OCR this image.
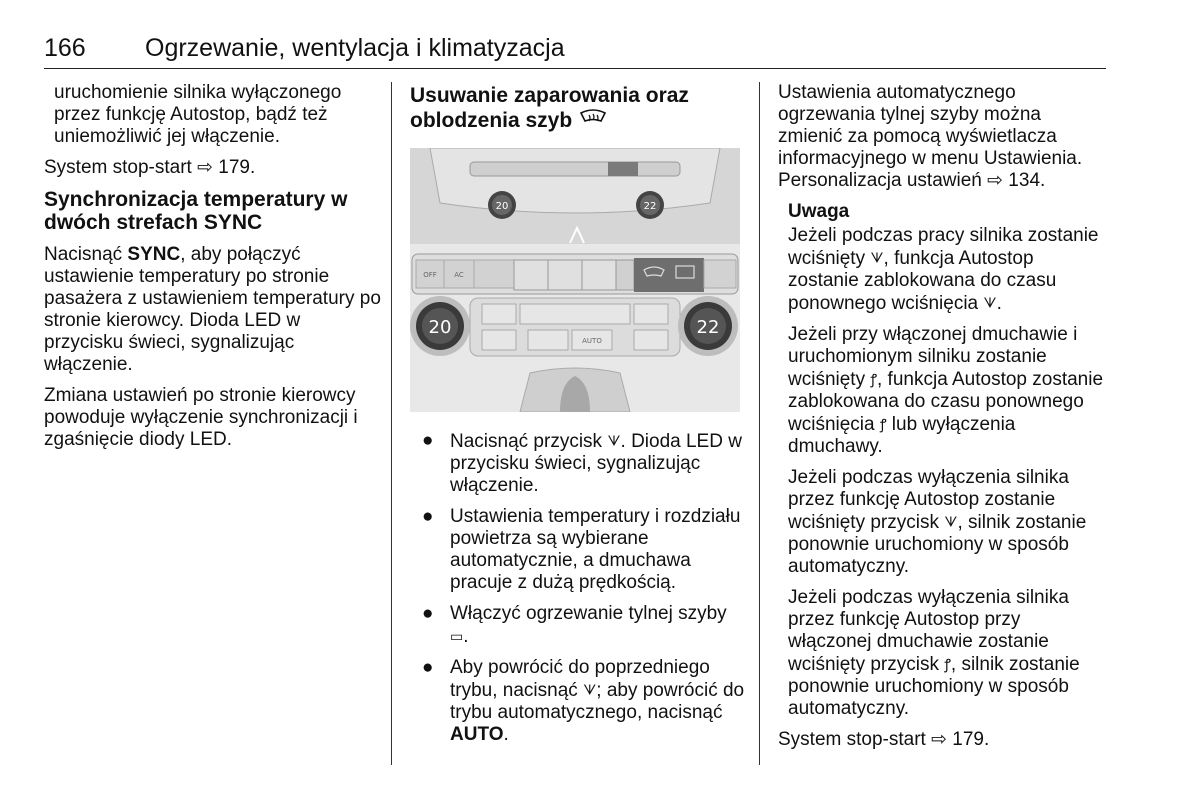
166 Ogrzewanie, wentylacja i klimatyzacja

uruchomienie silnika wyłączonego przez funkcję Autostop, bądź też uniemożliwić jej włączenie.

System stop-start ⇨ 179.

Synchronizacja temperatury w dwóch strefach SYNC

Nacisnąć SYNC, aby połączyć ustawienie temperatury po stronie pasażera z ustawieniem temperatury po stronie kierowcy. Dioda LED w przycisku świeci, sygnalizując włączenie.

Zmiana ustawień po stronie kierowcy powoduje wyłączenie synchronizacji i zgaśnięcie diody LED.

Usuwanie zaparowania oraz oblodzenia szyb
20	22
OFF AC
AUTO
20	22
● Nacisnąć przycisk ᗐ. Dioda LED w przycisku świeci, sygnalizując włączenie.
● Ustawienia temperatury i rozdziału powietrza są wybierane automatycznie, a dmuchawa pracuje z dużą prędkością.
● Włączyć ogrzewanie tylnej szyby ▭.
● Aby powrócić do poprzedniego trybu, nacisnąć ᗐ; aby powrócić do trybu automatycznego, nacisnąć AUTO.

Ustawienia automatycznego ogrzewania tylnej szyby można zmienić za pomocą wyświetlacza informacyjnego w menu Ustawienia. Personalizacja ustawień ⇨ 134.

Uwaga

Jeżeli podczas pracy silnika zostanie wciśnięty ᗐ, funkcja Autostop zostanie zablokowana do czasu ponownego wciśnięcia ᗐ.

Jeżeli przy włączonej dmuchawie i uruchomionym silniku zostanie wciśnięty ꝭ, funkcja Autostop zostanie zablokowana do czasu ponownego wciśnięcia ꝭ lub wyłączenia dmuchawy.

Jeżeli podczas wyłączenia silnika przez funkcję Autostop zostanie wciśnięty przycisk ᗐ, silnik zostanie ponownie uruchomiony w sposób automatyczny.

Jeżeli podczas wyłączenia silnika przez funkcję Autostop przy włączonej dmuchawie zostanie wciśnięty przycisk ꝭ, silnik zostanie ponownie uruchomiony w sposób automatyczny.

System stop-start ⇨ 179.
